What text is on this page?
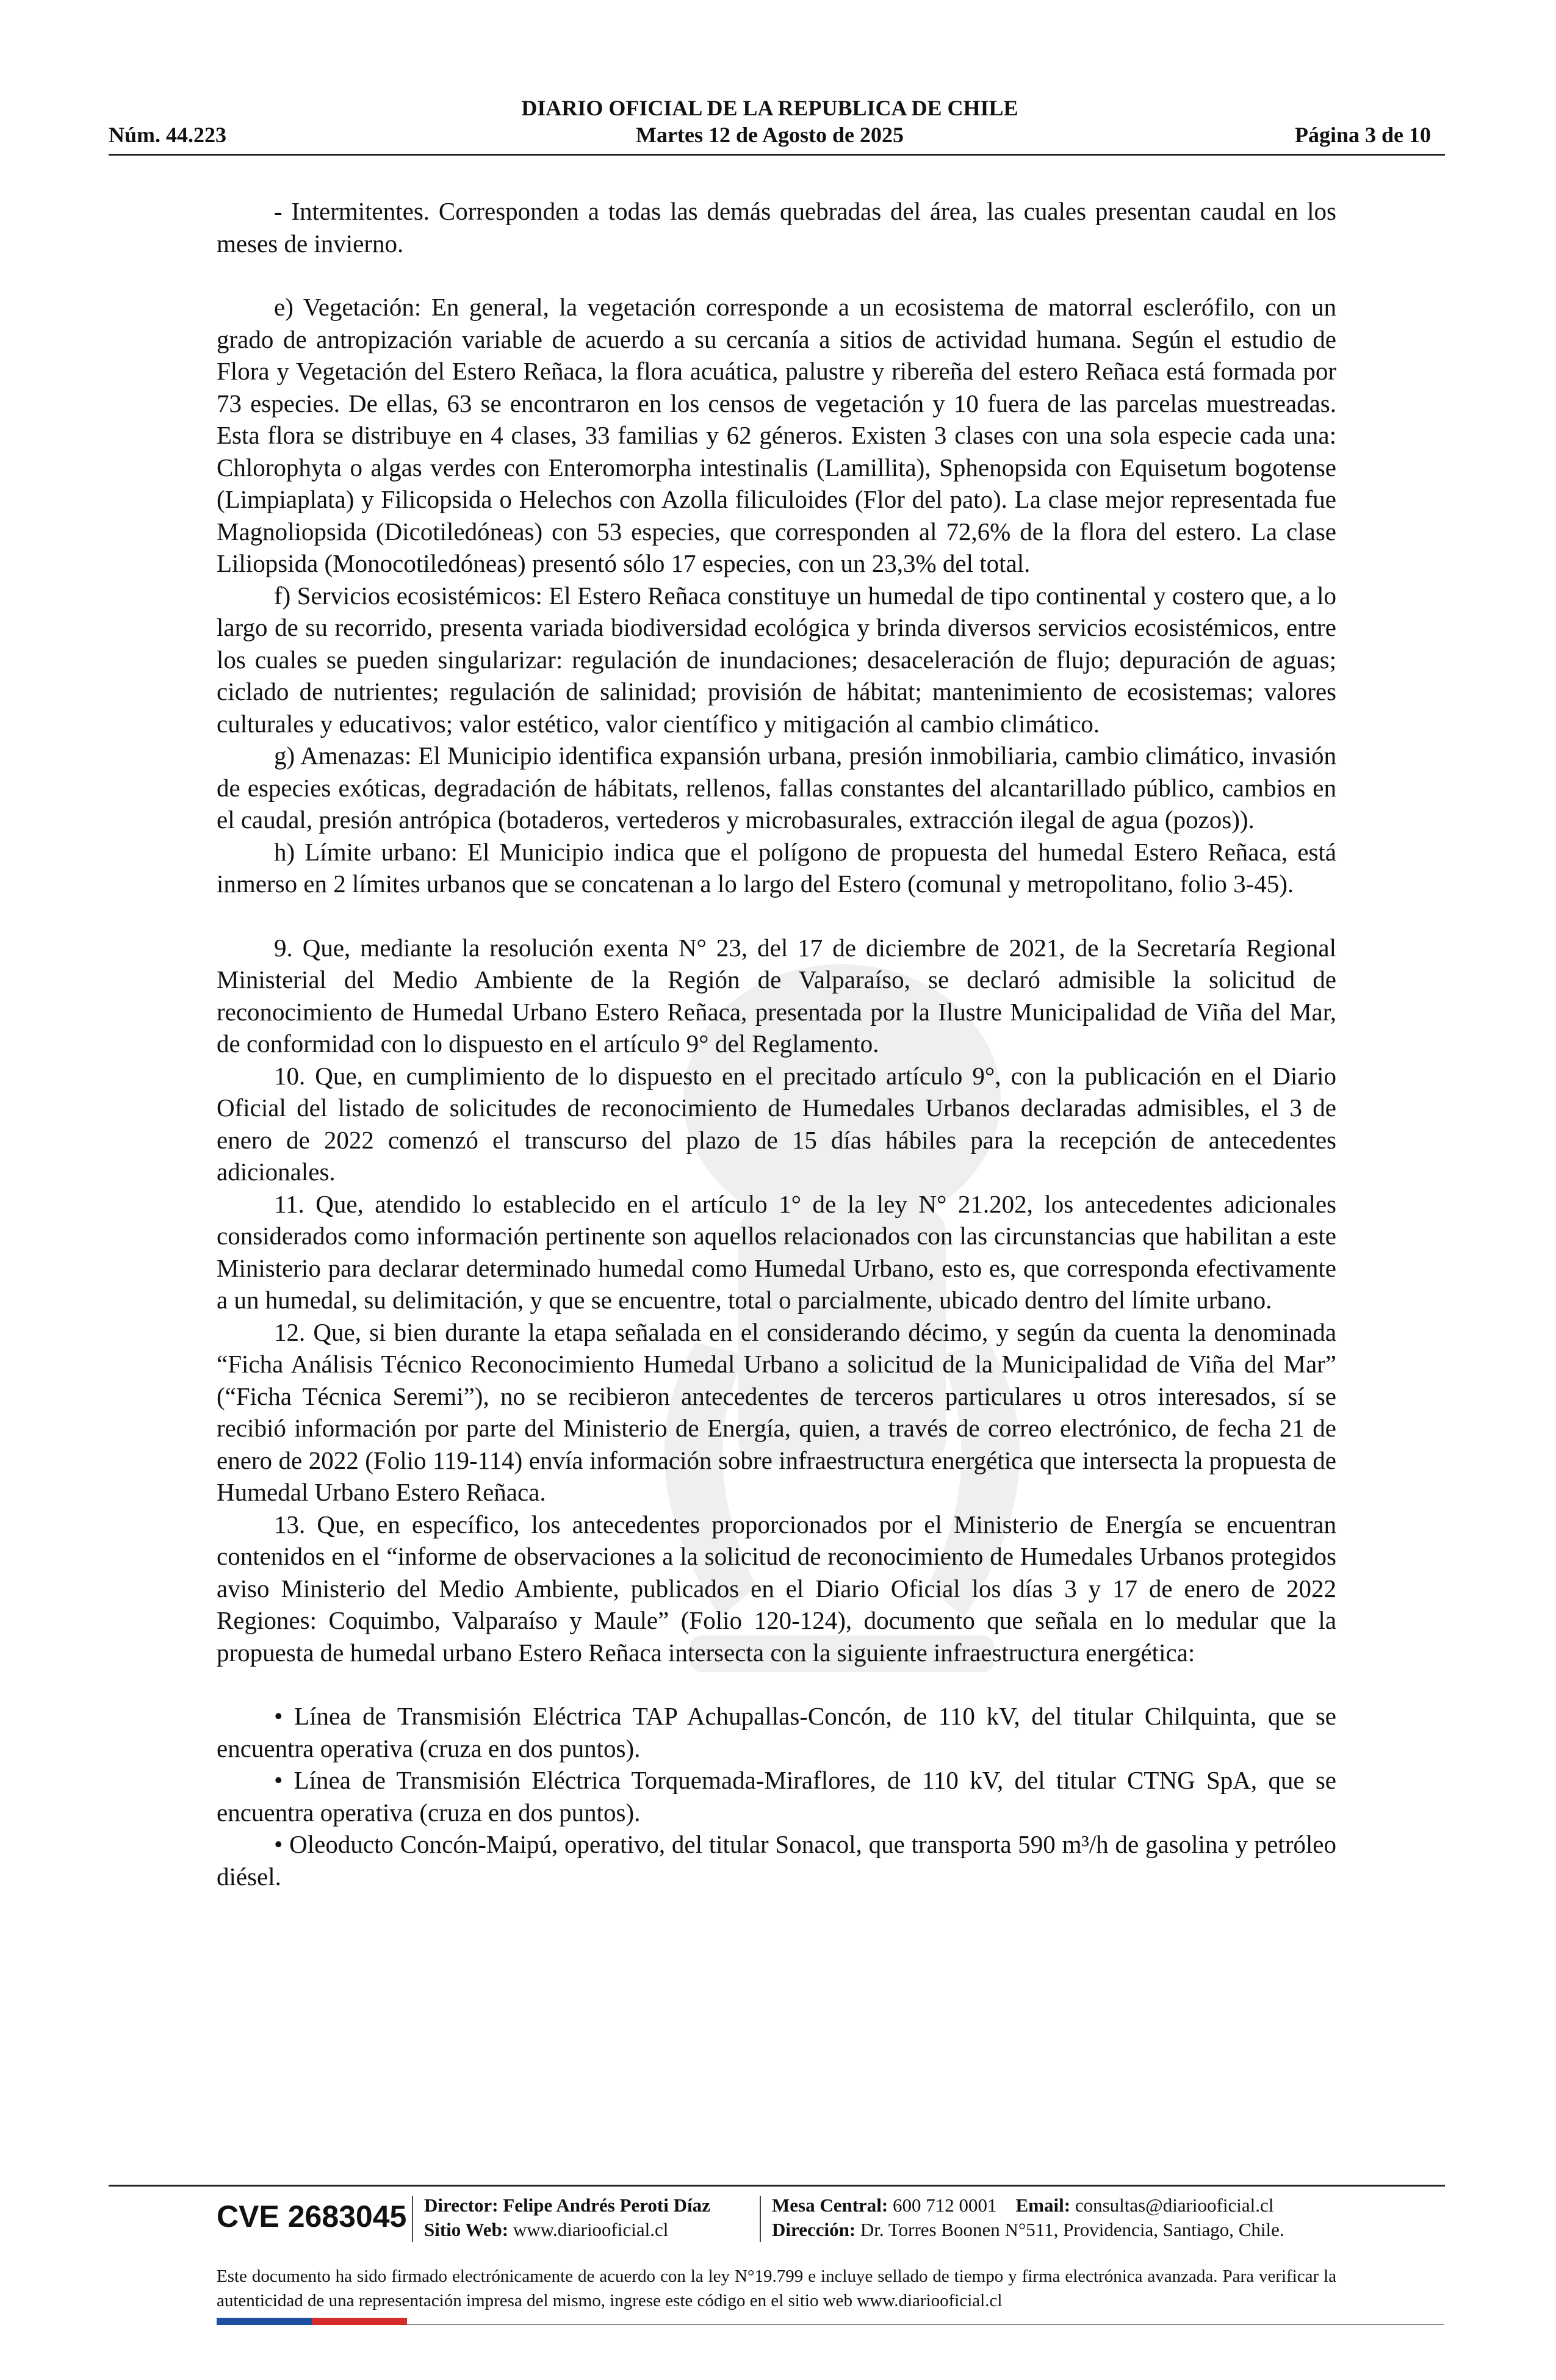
DIARIO OFICIAL DE LA REPUBLICA DE CHILE
Núm. 44.223	Martes 12 de Agosto de 2025	Página 3 de 10

- Intermitentes. Corresponden a todas las demás quebradas del área, las cuales presentan caudal en los meses de invierno.

e) Vegetación: En general, la vegetación corresponde a un ecosistema de matorral esclerófilo, con un grado de antropización variable de acuerdo a su cercanía a sitios de actividad humana. Según el estudio de Flora y Vegetación del Estero Reñaca, la flora acuática, palustre y ribereña del estero Reñaca está formada por 73 especies. De ellas, 63 se encontraron en los censos de vegetación y 10 fuera de las parcelas muestreadas. Esta flora se distribuye en 4 clases, 33 familias y 62 géneros. Existen 3 clases con una sola especie cada una: Chlorophyta o algas verdes con Enteromorpha intestinalis (Lamillita), Sphenopsida con Equisetum bogotense (Limpiaplata) y Filicopsida o Helechos con Azolla filiculoides (Flor del pato). La clase mejor representada fue Magnoliopsida (Dicotiledóneas) con 53 especies, que corresponden al 72,6% de la flora del estero. La clase Liliopsida (Monocotiledóneas) presentó sólo 17 especies, con un 23,3% del total.

f) Servicios ecosistémicos: El Estero Reñaca constituye un humedal de tipo continental y costero que, a lo largo de su recorrido, presenta variada biodiversidad ecológica y brinda diversos servicios ecosistémicos, entre los cuales se pueden singularizar: regulación de inundaciones; desaceleración de flujo; depuración de aguas; ciclado de nutrientes; regulación de salinidad; provisión de hábitat; mantenimiento de ecosistemas; valores culturales y educativos; valor estético, valor científico y mitigación al cambio climático.

g) Amenazas: El Municipio identifica expansión urbana, presión inmobiliaria, cambio climático, invasión de especies exóticas, degradación de hábitats, rellenos, fallas constantes del alcantarillado público, cambios en el caudal, presión antrópica (botaderos, vertederos y microbasurales, extracción ilegal de agua (pozos)).

h) Límite urbano: El Municipio indica que el polígono de propuesta del humedal Estero Reñaca, está inmerso en 2 límites urbanos que se concatenan a lo largo del Estero (comunal y metropolitano, folio 3-45).

9. Que, mediante la resolución exenta N° 23, del 17 de diciembre de 2021, de la Secretaría Regional Ministerial del Medio Ambiente de la Región de Valparaíso, se declaró admisible la solicitud de reconocimiento de Humedal Urbano Estero Reñaca, presentada por la Ilustre Municipalidad de Viña del Mar, de conformidad con lo dispuesto en el artículo 9° del Reglamento.

10. Que, en cumplimiento de lo dispuesto en el precitado artículo 9°, con la publicación en el Diario Oficial del listado de solicitudes de reconocimiento de Humedales Urbanos declaradas admisibles, el 3 de enero de 2022 comenzó el transcurso del plazo de 15 días hábiles para la recepción de antecedentes adicionales.

11. Que, atendido lo establecido en el artículo 1° de la ley N° 21.202, los antecedentes adicionales considerados como información pertinente son aquellos relacionados con las circunstancias que habilitan a este Ministerio para declarar determinado humedal como Humedal Urbano, esto es, que corresponda efectivamente a un humedal, su delimitación, y que se encuentre, total o parcialmente, ubicado dentro del límite urbano.

12. Que, si bien durante la etapa señalada en el considerando décimo, y según da cuenta la denominada “Ficha Análisis Técnico Reconocimiento Humedal Urbano a solicitud de la Municipalidad de Viña del Mar” (“Ficha Técnica Seremi”), no se recibieron antecedentes de terceros particulares u otros interesados, sí se recibió información por parte del Ministerio de Energía, quien, a través de correo electrónico, de fecha 21 de enero de 2022 (Folio 119-114) envía información sobre infraestructura energética que intersecta la propuesta de Humedal Urbano Estero Reñaca.

13. Que, en específico, los antecedentes proporcionados por el Ministerio de Energía se encuentran contenidos en el “informe de observaciones a la solicitud de reconocimiento de Humedales Urbanos protegidos aviso Ministerio del Medio Ambiente, publicados en el Diario Oficial los días 3 y 17 de enero de 2022 Regiones: Coquimbo, Valparaíso y Maule” (Folio 120-124), documento que señala en lo medular que la propuesta de humedal urbano Estero Reñaca intersecta con la siguiente infraestructura energética:

• Línea de Transmisión Eléctrica TAP Achupallas-Concón, de 110 kV, del titular Chilquinta, que se encuentra operativa (cruza en dos puntos).

• Línea de Transmisión Eléctrica Torquemada-Miraflores, de 110 kV, del titular CTNG SpA, que se encuentra operativa (cruza en dos puntos).

• Oleoducto Concón-Maipú, operativo, del titular Sonacol, que transporta 590 m³/h de gasolina y petróleo diésel.

CVE 2683045 Director: Felipe Andrés Peroti Díaz
Sitio Web: www.diariooficial.cl
Mesa Central: 600 712 0001 Email: consultas@diariooficial.cl
Dirección: Dr. Torres Boonen N°511, Providencia, Santiago, Chile.
Este documento ha sido firmado electrónicamente de acuerdo con la ley N°19.799 e incluye sellado de tiempo y firma electrónica avanzada. Para verificar la autenticidad de una representación impresa del mismo, ingrese este código en el sitio web www.diariooficial.cl
